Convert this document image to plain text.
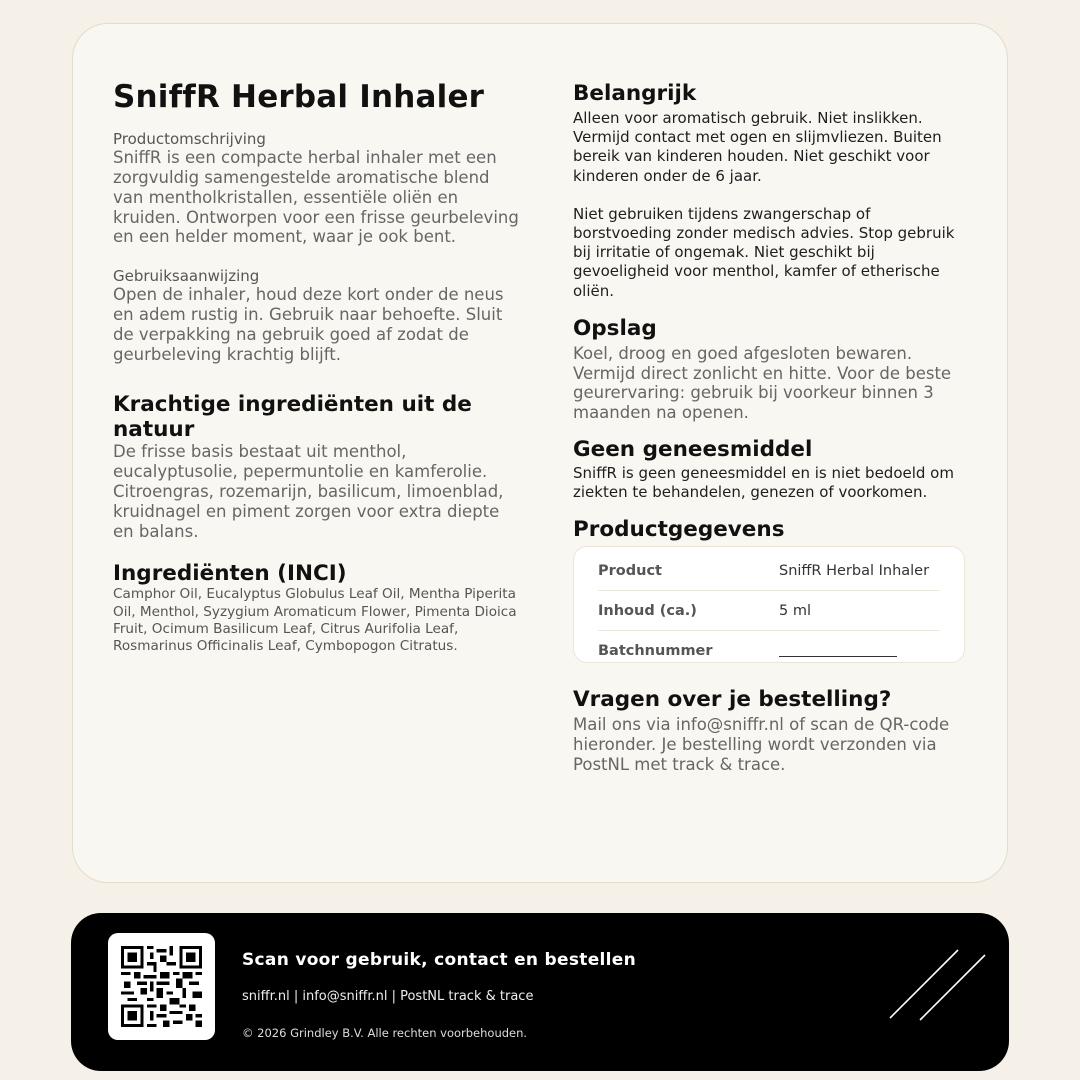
SniffR Herbal Inhaler
Productomschrijving

SniffR is een compacte herbal inhaler met een zorgvuldig samengestelde aromatische blend van mentholkristallen, essentiële oliën en kruiden. Ontworpen voor een frisse geurbeleving en een helder moment, waar je ook bent.

Gebruiksaanwijzing

Open de inhaler, houd deze kort onder de neus en adem rustig in. Gebruik naar behoefte. Sluit de verpakking na gebruik goed af zodat de geurbeleving krachtig blijft.

Krachtige ingrediënten uit de natuur

De frisse basis bestaat uit menthol, eucalyptusolie, pepermuntolie en kamferolie. Citroengras, rozemarijn, basilicum, limoenblad, kruidnagel en piment zorgen voor extra diepte en balans.

Ingrediënten (INCI)

Camphor Oil, Eucalyptus Globulus Leaf Oil, Mentha Piperita Oil, Menthol, Syzygium Aromaticum Flower, Pimenta Dioica Fruit, Ocimum Basilicum Leaf, Citrus Aurifolia Leaf, Rosmarinus Officinalis Leaf, Cymbopogon Citratus.

Belangrijk

Alleen voor aromatisch gebruik. Niet inslikken. Vermijd contact met ogen en slijmvliezen. Buiten bereik van kinderen houden. Niet geschikt voor kinderen onder de 6 jaar.

Niet gebruiken tijdens zwangerschap of borstvoeding zonder medisch advies. Stop gebruik bij irritatie of ongemak. Niet geschikt bij gevoeligheid voor menthol, kamfer of etherische oliën.

Opslag

Koel, droog en goed afgesloten bewaren. Vermijd direct zonlicht en hitte. Voor de beste geurervaring: gebruik bij voorkeur binnen 3 maanden na openen.

Geen geneesmiddel

SniffR is geen geneesmiddel en is niet bedoeld om ziekten te behandelen, genezen of voorkomen.

Productgegevens
Product	SniffR Herbal Inhaler
Inhoud (ca.)	5 ml
Batchnummer
Vragen over je bestelling?

Mail ons via info@sniffr.nl of scan de QR-code hieronder. Je bestelling wordt verzonden via PostNL met track & trace.

Scan voor gebruik, contact en bestellen
sniffr.nl | info@sniffr.nl | PostNL track & trace
© 2026 Grindley B.V. Alle rechten voorbehouden.
